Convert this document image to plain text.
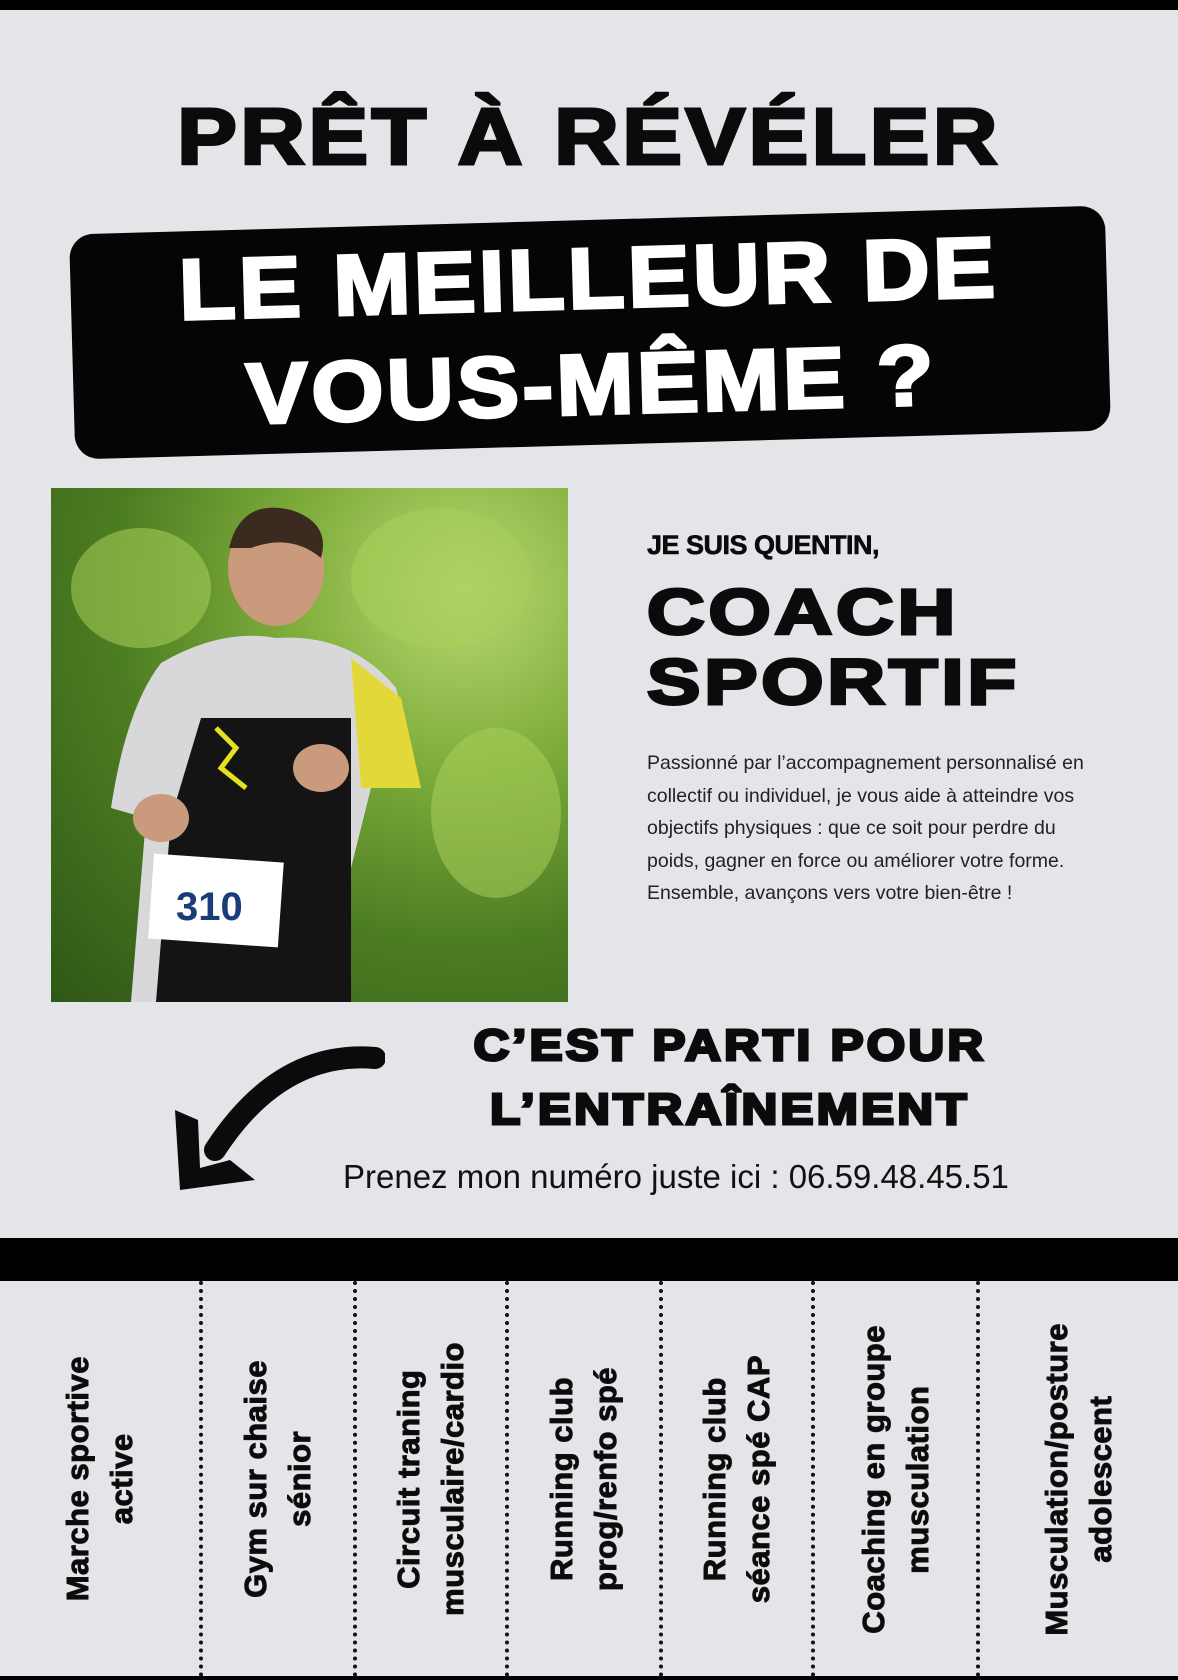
PRÊT À RÉVÉLER
LE MEILLEUR DE
VOUS-MÊME ?
310
JE SUIS QUENTIN,
COACH
SPORTIF

Passionné par l’accompagnement personnalisé en collectif ou individuel, je vous aide à atteindre vos objectifs physiques : que ce soit pour perdre du poids, gagner en force ou améliorer votre forme. Ensemble, avançons vers votre bien-être !

C’EST PARTI POUR
L’ENTRAÎNEMENT
Prenez mon numéro juste ici : 06.59.48.45.51
Marche sportive
active
Gym sur chaise
sénior
Circuit traning
musculaire/cardio Running club
prog/renfo spé
Running club
séance spé CAP
Coaching en groupe
musculation	Musculation/posture
adolescent
